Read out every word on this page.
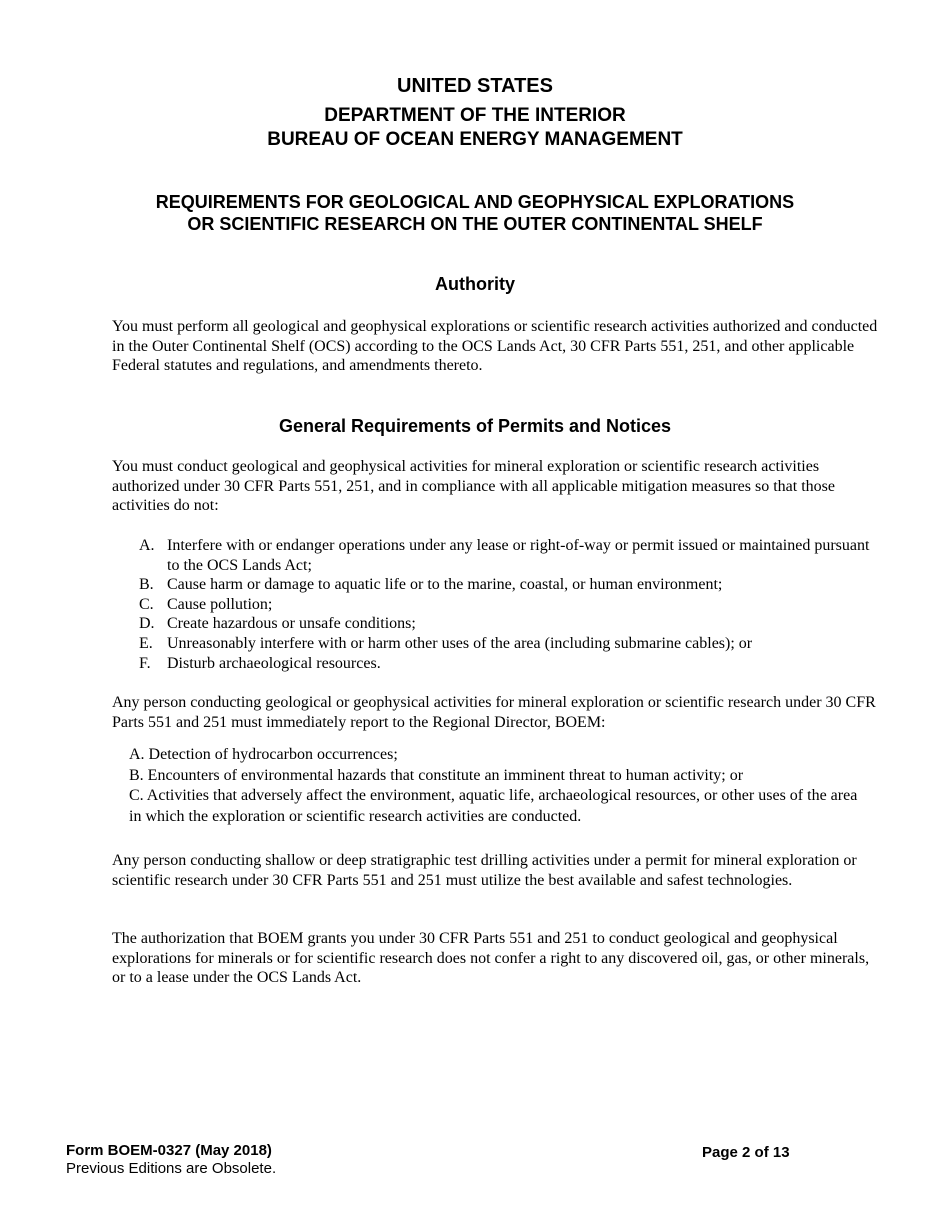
UNITED STATES
DEPARTMENT OF THE INTERIOR
BUREAU OF OCEAN ENERGY MANAGEMENT
REQUIREMENTS FOR GEOLOGICAL AND GEOPHYSICAL EXPLORATIONS
OR SCIENTIFIC RESEARCH ON THE OUTER CONTINENTAL SHELF
Authority

You must perform all geological and geophysical explorations or scientific research activities authorized and conducted in the Outer Continental Shelf (OCS) according to the OCS Lands Act, 30 CFR Parts 551, 251, and other applicable Federal statutes and regulations, and amendments thereto.

General Requirements of Permits and Notices

You must conduct geological and geophysical activities for mineral exploration or scientific research activities authorized under 30 CFR Parts 551, 251, and in compliance with all applicable mitigation measures so that those activities do not:

A. Interfere with or endanger operations under any lease or right-of-way or permit issued or maintained pursuant to the OCS Lands Act;
B. Cause harm or damage to aquatic life or to the marine, coastal, or human environment;
C. Cause pollution;
D. Create hazardous or unsafe conditions;
E. Unreasonably interfere with or harm other uses of the area (including submarine cables); or
F.	Disturb archaeological resources.

Any person conducting geological or geophysical activities for mineral exploration or scientific research under 30 CFR Parts 551 and 251 must immediately report to the Regional Director, BOEM:

A. Detection of hydrocarbon occurrences;
B. Encounters of environmental hazards that constitute an imminent threat to human activity; or
C. Activities that adversely affect the environment, aquatic life, archaeological resources, or other uses of the area in which the exploration or scientific research activities are conducted.

Any person conducting shallow or deep stratigraphic test drilling activities under a permit for mineral exploration or scientific research under 30 CFR Parts 551 and 251 must utilize the best available and safest technologies.

The authorization that BOEM grants you under 30 CFR Parts 551 and 251 to conduct geological and geophysical explorations for minerals or for scientific research does not confer a right to any discovered oil, gas, or other minerals, or to a lease under the OCS Lands Act.

Form BOEM-0327 (May 2018)
Previous Editions are Obsolete.
Page 2 of 13
